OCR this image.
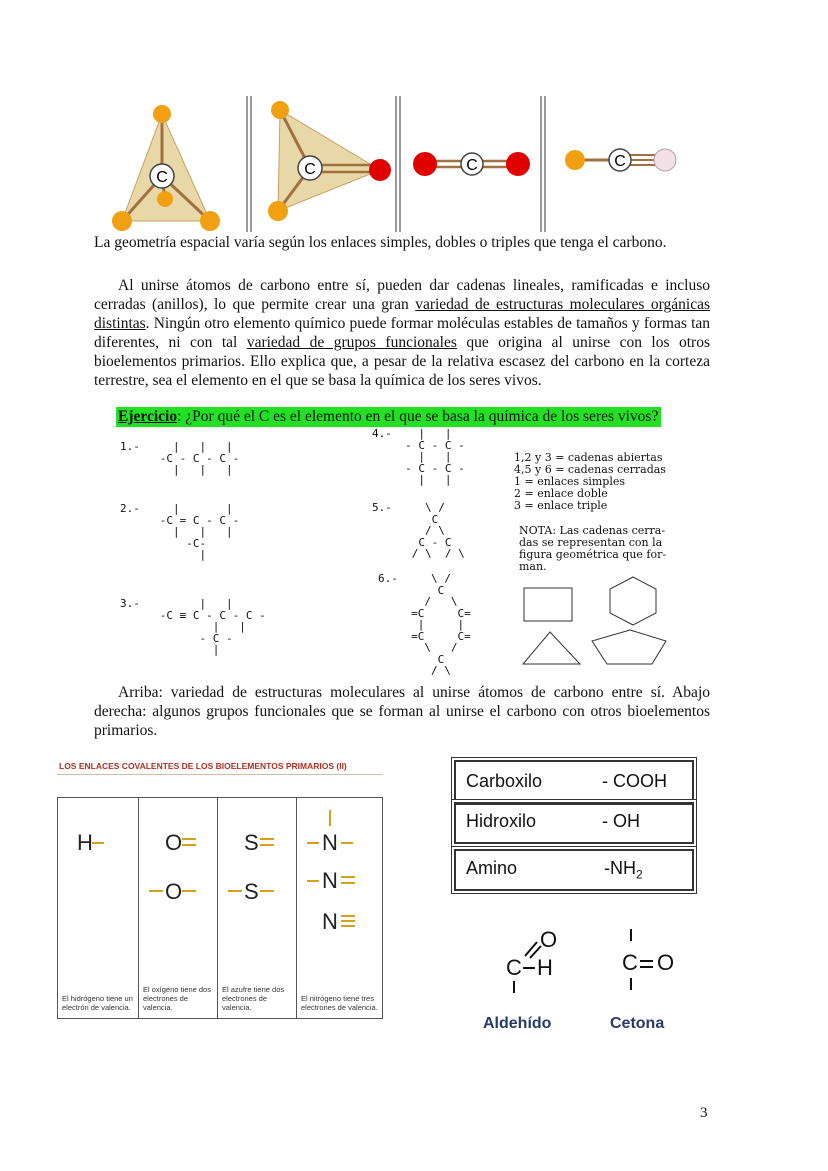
C	C	C	C
La geometría espacial varía según los enlaces simples, dobles o triples que tenga el carbono.

Al unirse átomos de carbono entre sí, pueden dar cadenas lineales, ramificadas e incluso cerradas (anillos), lo que permite crear una gran variedad de estructuras moleculares orgánicas distintas. Ningún otro elemento químico puede formar moléculas estables de tamaños y formas tan diferentes, ni con tal variedad de grupos funcionales que origina al unirse con los otros bioelementos primarios. Ello explica que, a pesar de la relativa escasez del carbono en la corteza terrestre, sea el elemento en el que se basa la química de los seres vivos.

Ejercicio: ¿Por qué el C es el elemento en el que se basa la química de los seres vivos?
1.-     |   |   |
-C - C - C -
|   |   |
2.-     |       |
-C = C - C -
|   |   |
-C-
|
3.-         |   |
-C ≡ C - C - C -
|   |
- C -
|
4.-    |   |
- C - C -
|   |
- C - C -
|   |
5.-     \ /
C
/ \
C - C
/ \  / \
6.-     \ /
C
/   \
=C     C=
|     |
=C     C=
\   /
C
/ \
1,2 y 3 = cadenas abiertas
4,5 y 6 = cadenas cerradas
1 = enlaces simples
2 = enlace doble
3 = enlace triple
NOTA: Las cadenas cerra-
das se representan con la
figura geométrica que for-
man.

Arriba: variedad de estructuras moleculares al unirse átomos de carbono entre sí. Abajo derecha: algunos grupos funcionales que se forman al unirse el carbono con otros bioelementos primarios.

LOS ENLACES COVALENTES DE LOS BIOELEMENTOS PRIMARIOS (II)
H
El hidrógeno tiene un electrón de valencia.
O
O
El oxígeno tiene dos electrones de valencia.
S
S
El azufre tiene dos electrones de valencia.
N
N
N
El nitrógeno tiene tres electrones de valencia.
Carboxilo	- COOH
Hidroxilo	- OH
Amino	$-NH_2$
O
C H
Aldehído
C O
Cetona
3
